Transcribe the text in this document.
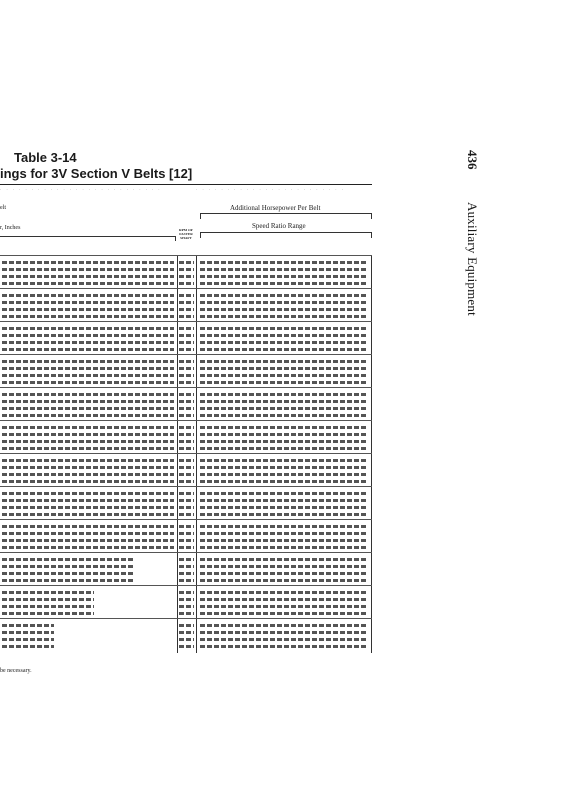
436
Auxiliary Equipment
Table 3-14
ings for 3V Section V Belts [12]
· · · · · · · · · · · · · · · · · · · · · · · · · ·	· · · · · · · · · · · · · · · · · · · · · · · ·
elt
r, Inches
Additional Horsepower Per Belt
Speed Ratio Range
RPM OF FASTER SHAFT
be necessary.
